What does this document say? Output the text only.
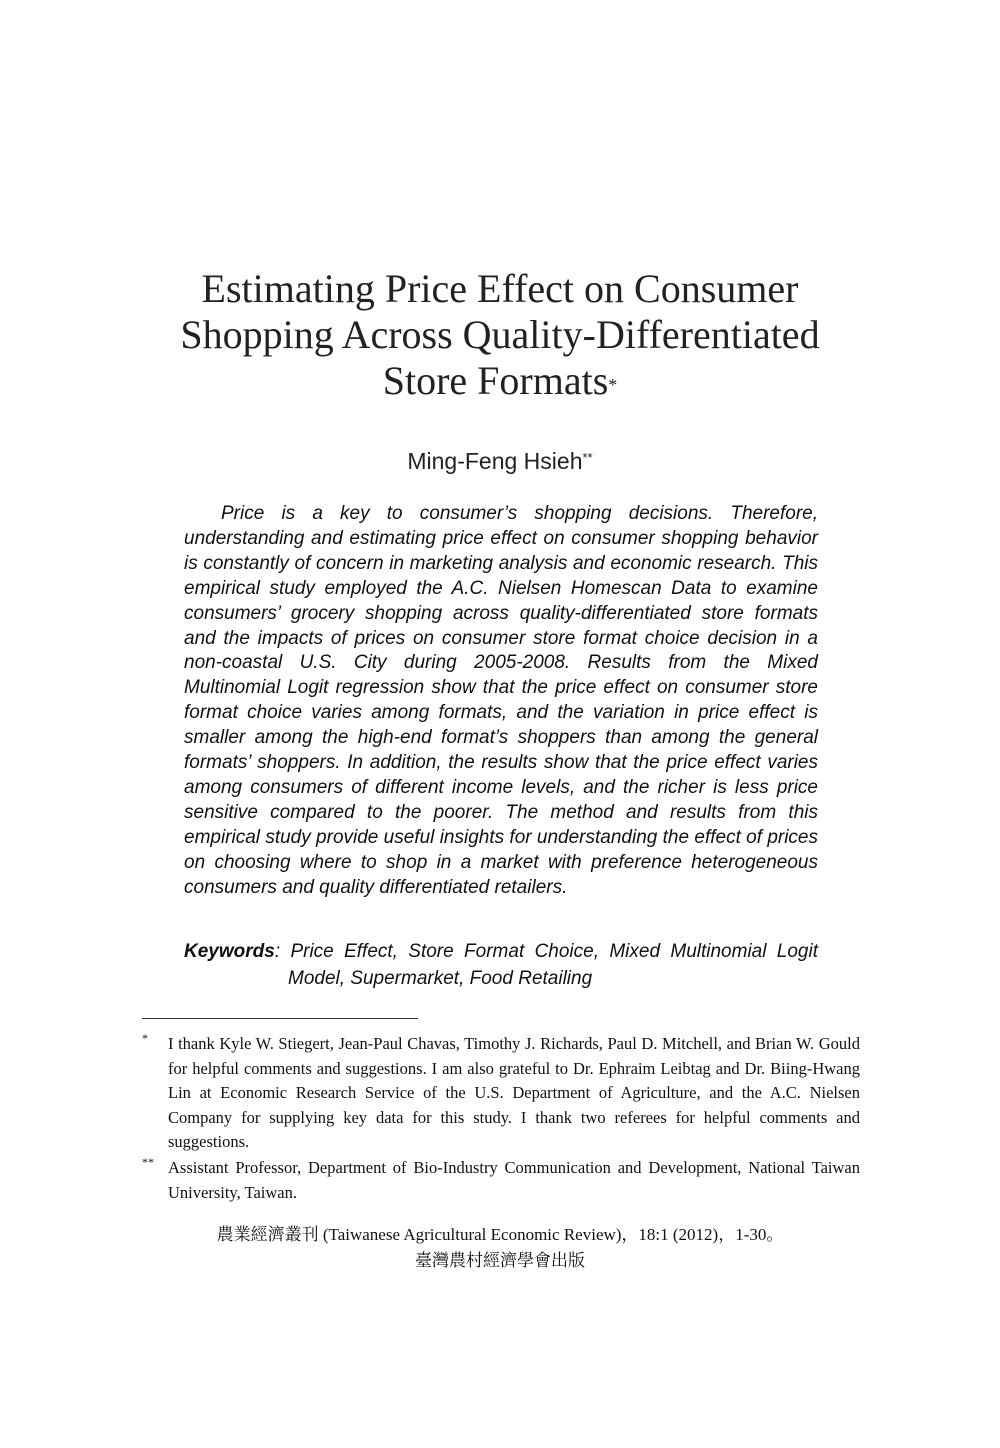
Estimating Price Effect on Consumer
Shopping Across Quality-Differentiated
Store Formats*
Ming-Feng Hsieh**

Price is a key to consumer’s shopping decisions. Therefore, understanding and estimating price effect on consumer shopping behavior is constantly of concern in marketing analysis and economic research. This empirical study employed the A.C. Nielsen Homescan Data to examine consumers’ grocery shopping across quality-differentiated store formats and the impacts of prices on consumer store format choice decision in a non-coastal U.S. City during 2005-2008. Results from the Mixed Multinomial Logit regression show that the price effect on consumer store format choice varies among formats, and the variation in price effect is smaller among the high-end format’s shoppers than among the general formats’ shoppers. In addition, the results show that the price effect varies among consumers of different income levels, and the richer is less price sensitive compared to the poorer. The method and results from this empirical study provide useful insights for understanding the effect of prices on choosing where to shop in a market with preference heterogeneous consumers and quality differentiated retailers.

Keywords: Price Effect, Store Format Choice, Mixed Multinomial Logit Model, Supermarket, Food Retailing
* I thank Kyle W. Stiegert, Jean-Paul Chavas, Timothy J. Richards, Paul D. Mitchell, and Brian W. Gould for helpful comments and suggestions. I am also grateful to Dr. Ephraim Leibtag and Dr. Biing-Hwang Lin at Economic Research Service of the U.S. Department of Agriculture, and the A.C. Nielsen Company for supplying key data for this study. I thank two referees for helpful comments and suggestions.
** Assistant Professor, Department of Bio-Industry Communication and Development, National Taiwan University, Taiwan.
農業經濟叢刊 (Taiwanese Agricultural Economic Review)，18:1 (2012)，1-30。
臺灣農村經濟學會出版
